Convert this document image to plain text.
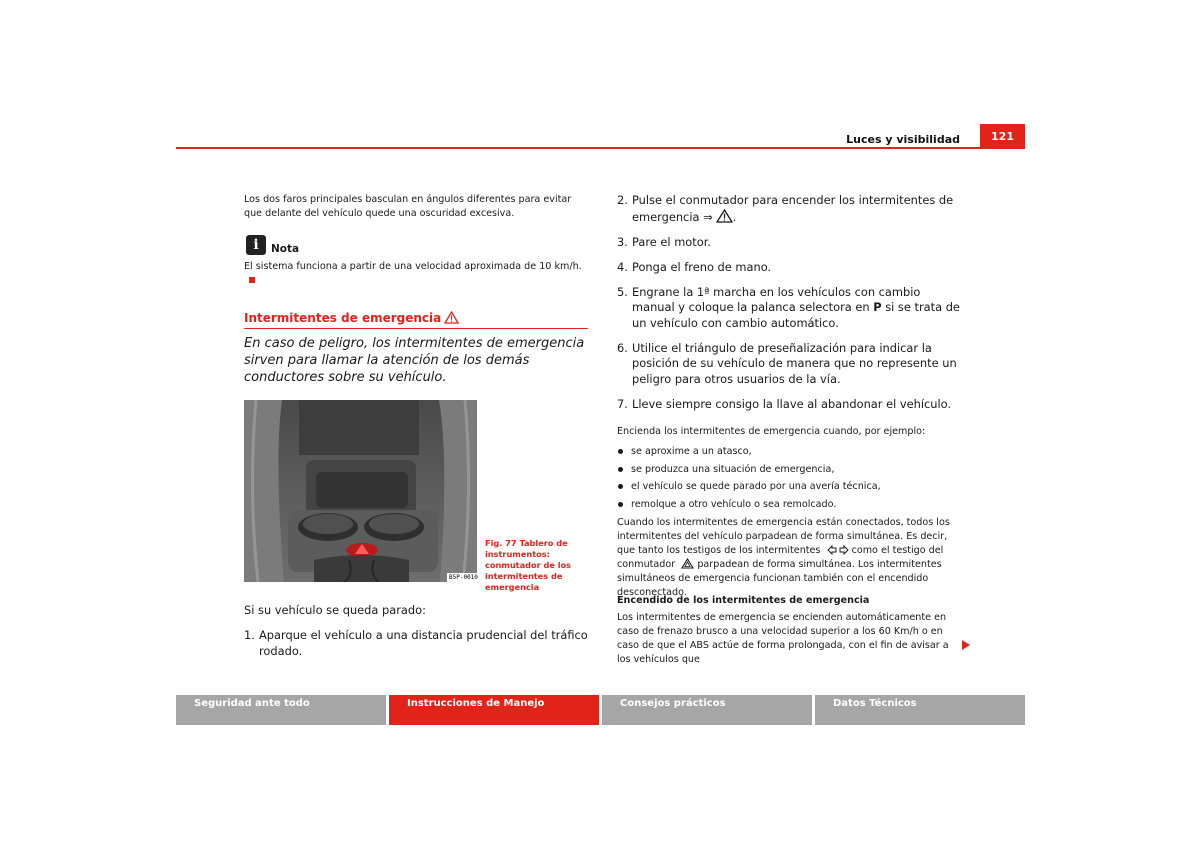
Luces y visibilidad	121
Los dos faros principales basculan en ángulos diferentes para evitar que delante del vehículo quede una oscuridad excesiva.
i	Nota
El sistema funciona a partir de una velocidad aproximada de 10 km/h.
Intermitentes de emergencia
En caso de peligro, los intermitentes de emergencia sirven para llamar la atención de los demás conductores sobre su vehículo.
B5P-0010
Fig. 77 Tablero de instrumentos: conmutador de los intermitentes de emergencia
Si su vehículo se queda parado:
1. Aparque el vehículo a una distancia prudencial del tráfico rodado.
2. Pulse el conmutador para encender los intermitentes de emergencia ⇒ .
3. Pare el motor.
4. Ponga el freno de mano.
5. Engrane la 1ª marcha en los vehículos con cambio manual y coloque la palanca selectora en P si se trata de un vehículo con cambio automático.
6. Utilice el triángulo de preseñalización para indicar la posición de su vehículo de manera que no represente un peligro para otros usuarios de la vía.
7. Lleve siempre consigo la llave al abandonar el vehículo.
Encienda los intermitentes de emergencia cuando, por ejemplo:
se aproxime a un atasco,
se produzca una situación de emergencia,
el vehículo se quede parado por una avería técnica,
remolque a otro vehículo o sea remolcado.
Cuando los intermitentes de emergencia están conectados, todos los intermitentes del vehículo parpadean de forma simultánea. Es decir, que tanto los testigos de los intermitentes	como el testigo del conmutador parpadean de forma simultánea. Los intermitentes simultáneos de emergencia funcionan también con el encendido desconectado.
Encendido de los intermitentes de emergencia
Los intermitentes de emergencia se encienden automáticamente en caso de frenazo brusco a una velocidad superior a los 60 Km/h o en caso de que el ABS actúe de forma prolongada, con el fin de avisar a los vehículos que
Seguridad ante todo	Instrucciones de Manejo	Consejos prácticos	Datos Técnicos
